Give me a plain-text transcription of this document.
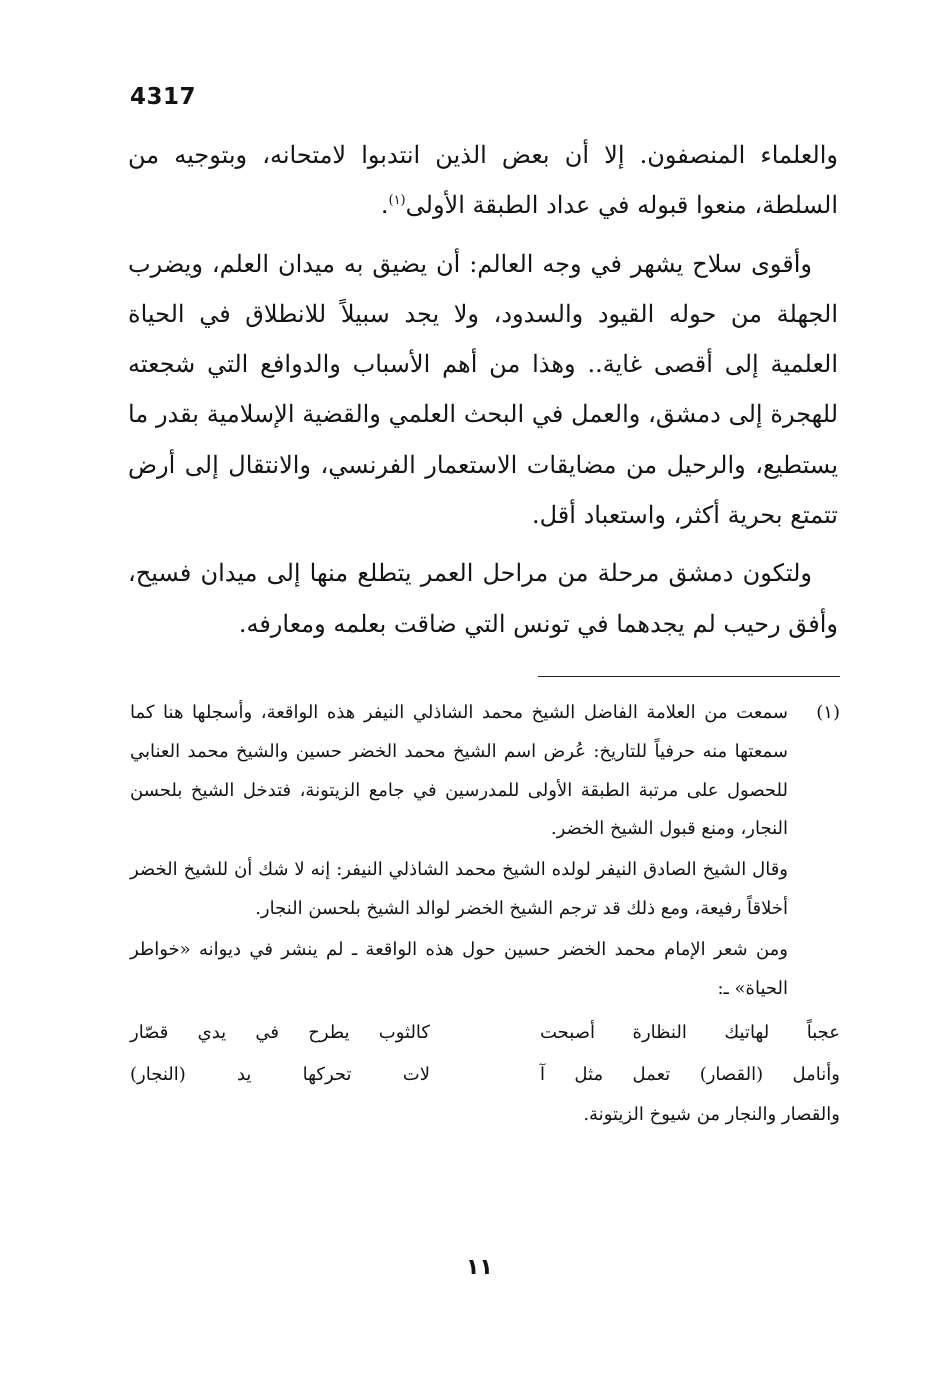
4317

والعلماء المنصفون. إلا أن بعض الذين انتدبوا لامتحانه، وبتوجيه من السلطة، منعوا قبوله في عداد الطبقة الأولى$^{(١)}$.

وأقوى سلاح يشهر في وجه العالم: أن يضيق به ميدان العلم، ويضرب الجهلة من حوله القيود والسدود، ولا يجد سبيلاً للانطلاق في الحياة العلمية إلى أقصى غاية.. وهذا من أهم الأسباب والدوافع التي شجعته للهجرة إلى دمشق، والعمل في البحث العلمي والقضية الإسلامية بقدر ما يستطيع، والرحيل من مضايقات الاستعمار الفرنسي، والانتقال إلى أرض تتمتع بحرية أكثر، واستعباد أقل.

ولتكون دمشق مرحلة من مراحل العمر يتطلع منها إلى ميدان فسيح، وأفق رحيب لم يجدهما في تونس التي ضاقت بعلمه ومعارفه.

(١)

سمعت من العلامة الفاضل الشيخ محمد الشاذلي النيفر هذه الواقعة، وأسجلها هنا كما سمعتها منه حرفياً للتاريخ: عُرض اسم الشيخ محمد الخضر حسين والشيخ محمد العنابي للحصول على مرتبة الطبقة الأولى للمدرسين في جامع الزيتونة، فتدخل الشيخ بلحسن النجار، ومنع قبول الشيخ الخضر.

وقال الشيخ الصادق النيفر لولده الشيخ محمد الشاذلي النيفر: إنه لا شك أن للشيخ الخضر أخلاقاً رفيعة، ومع ذلك قد ترجم الشيخ الخضر لوالد الشيخ بلحسن النجار.

ومن شعر الإمام محمد الخضر حسين حول هذه الواقعة ـ لم ينشر في ديوانه «خواطر الحياة» ـ:

عجباً لهاتيك النظارة أصبحت
كالثوب يطرح في يدي قصّار
وأنامل (القصار) تعمل مثل آ
لات تحركها يد (النجار)

والقصار والنجار من شيوخ الزيتونة.

١١
